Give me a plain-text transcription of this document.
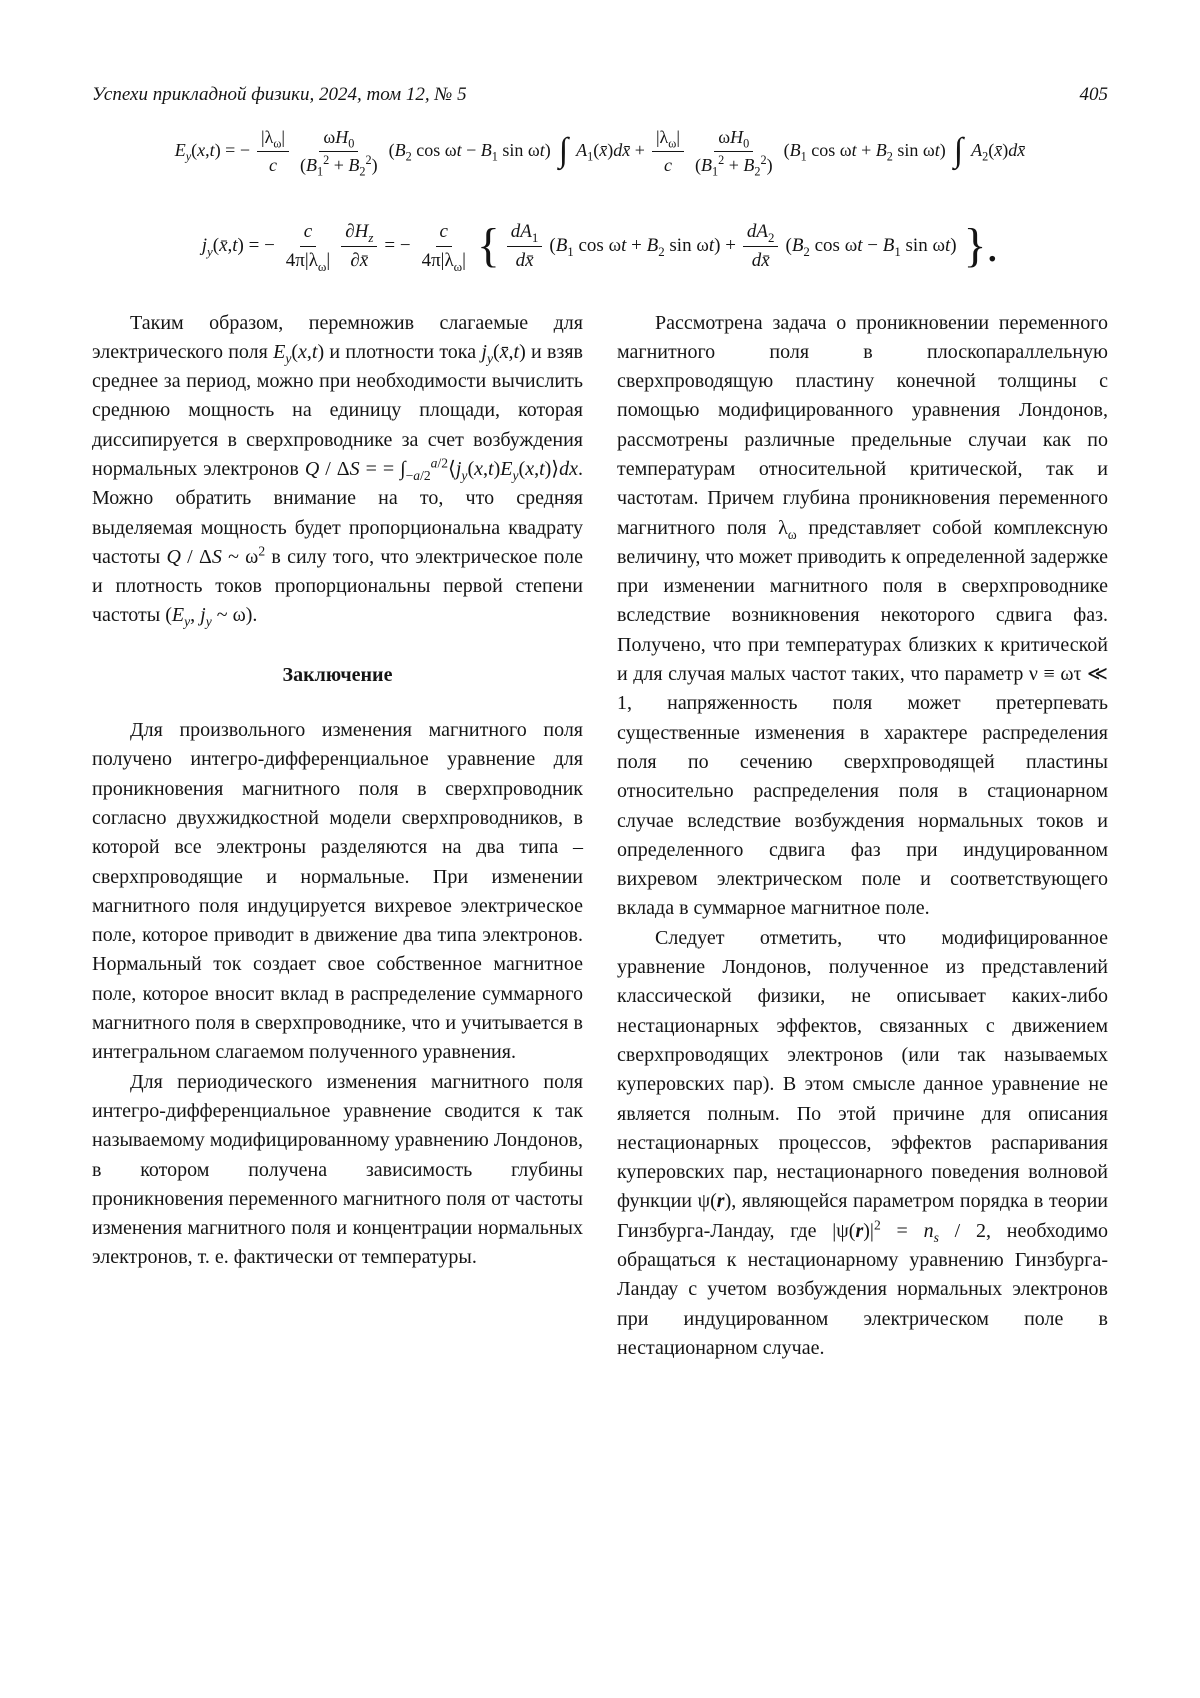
Успехи прикладной физики, 2024, том 12, № 5	405
$E_y(x,t)$ = − $\frac{|\lambda_\omega|}{c} \frac{\omega H_0}{(B_1^2 + B_2^2)} (B_2$ $\cos \omega t - B_1$ sin ωt) ∫ $A_1(x̄)dx̄ + \frac{|\lambda_\omega|}{c} \frac{\omega H_0}{(B_1^2 + B_2^2)} (B_1$ $\cos \omega t + B_2$ sin ωt) ∫ $A_2(x̄)dx̄$
$j_y(x̄,t)$ = − $\frac{c}{4\pi|\lambda_\omega|} \frac{\partial H_z}{\partial x̄}$ = − $\frac{c}{4\pi|\lambda_\omega|}$ { $\frac{dA_1}{dx̄} (B_1$ $\cos \omega t + B_2$ $\sin \omega t) + \frac{dA_2}{dx̄} (B_2$ $\cos \omega t - B_1$ sin ωt) }.

Таким образом, перемножив слагаемые для электрического поля $E_y(x,t)$ и плотности тока $j_y(x̄,t)$ и взяв среднее за период, можно при необходимости вычислить среднюю мощность на единицу площади, которая диссипируется в сверхпроводнике за счет возбуждения нормальных электронов Q / ΔS = = $\int_{-a/2}^{a/2}⟨j_y(x,t)E_y(x,t)⟩dx$. Можно обратить внимание на то, что средняя выделяемая мощность будет пропорциональна квадрату частоты Q / ΔS ~ $\omega^2$ в силу того, что электрическое поле и плотность токов пропорциональны первой степени частоты ($E_y$, $j_y$ ~ ω).

Заключение

Для произвольного изменения магнитного поля получено интегро-дифференциальное уравнение для проникновения магнитного поля в сверхпроводник согласно двухжидкостной модели сверхпроводников, в которой все электроны разделяются на два типа – сверхпроводящие и нормальные. При изменении магнитного поля индуцируется вихревое электрическое поле, которое приводит в движение два типа электронов. Нормальный ток создает свое собственное магнитное поле, которое вносит вклад в распределение суммарного магнитного поля в сверхпроводнике, что и учитывается в интегральном слагаемом полученного уравнения.

Для периодического изменения магнитного поля интегро-дифференциальное уравнение сводится к так называемому модифицированному уравнению Лондонов, в котором получена зависимость глубины проникновения переменного магнитного поля от частоты изменения магнитного поля и концентрации нормальных электронов, т. е. фактически от температуры.

Рассмотрена задача о проникновении переменного магнитного поля в плоскопараллельную сверхпроводящую пластину конечной толщины с помощью модифицированного уравнения Лондонов, рассмотрены различные предельные случаи как по температурам относительной критической, так и частотам. Причем глубина проникновения переменного магнитного поля $\lambda_\omega$ представляет собой комплексную величину, что может приводить к определенной задержке при изменении магнитного поля в сверхпроводнике вследствие возникновения некоторого сдвига фаз. Получено, что при температурах близких к критической и для случая малых частот таких, что параметр ν ≡ ωτ ≪ 1, напряженность поля может претерпевать существенные изменения в характере распределения поля по сечению сверхпроводящей пластины относительно распределения поля в стационарном случае вследствие возбуждения нормальных токов и определенного сдвига фаз при индуцированном вихревом электрическом поле и соответствующего вклада в суммарное магнитное поле.

Следует отметить, что модифицированное уравнение Лондонов, полученное из представлений классической физики, не описывает каких-либо нестационарных эффектов, связанных с движением сверхпроводящих электронов (или так называемых куперовских пар). В этом смысле данное уравнение не является полным. По этой причине для описания нестационарных процессов, эффектов распаривания куперовских пар, нестационарного поведения волновой функции ψ(r), являющейся параметром порядка в теории Гинзбурга-Ландау, где $|\psi(r)|^2 = n_s / 2$, необходимо обращаться к нестационарному уравнению Гинзбурга-Ландау с учетом возбуждения нормальных электронов при индуцированном электрическом поле в нестационарном случае.
